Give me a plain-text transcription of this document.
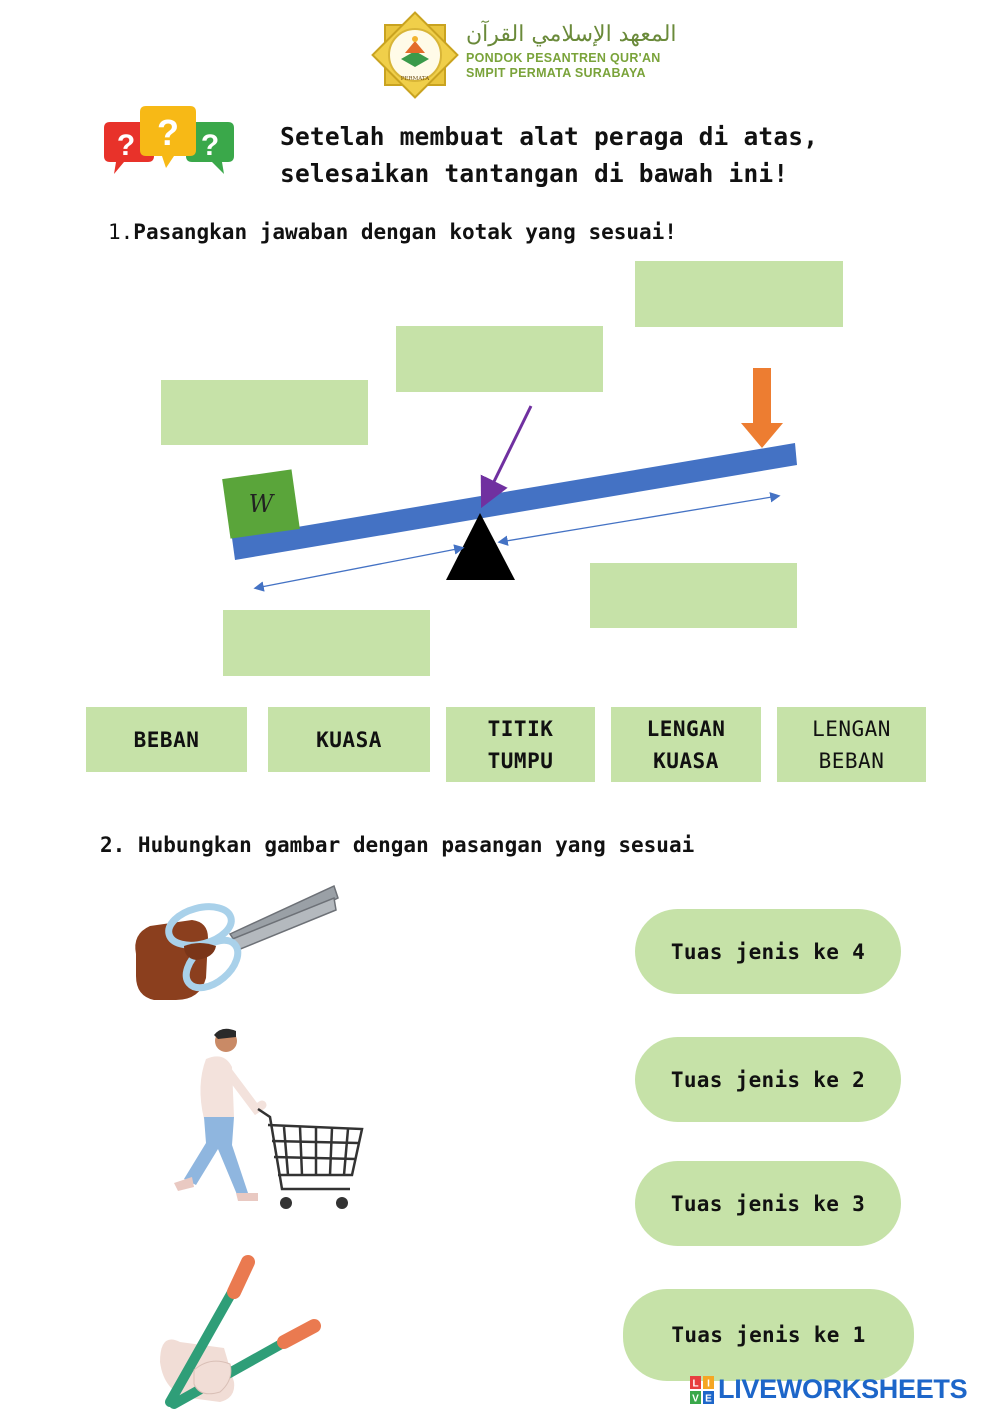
PERMATA
المعهد الإسلامي القرآن
PONDOK PESANTREN QUR'AN
SMPIT PERMATA SURABAYA
? ? ? Setelah membuat alat peraga di atas,
selesaikan tantangan di bawah ini!
1.Pasangkan jawaban dengan kotak yang sesuai!
W
BEBAN	KUASA	TITIK
TUMPU
LENGAN
KUASA
LENGAN
BEBAN
2. Hubungkan gambar dengan pasangan yang sesuai
Tuas jenis ke 4
Tuas jenis ke 2
Tuas jenis ke 3
Tuas jenis ke 1
L I
V E LIVEWORKSHEETS
